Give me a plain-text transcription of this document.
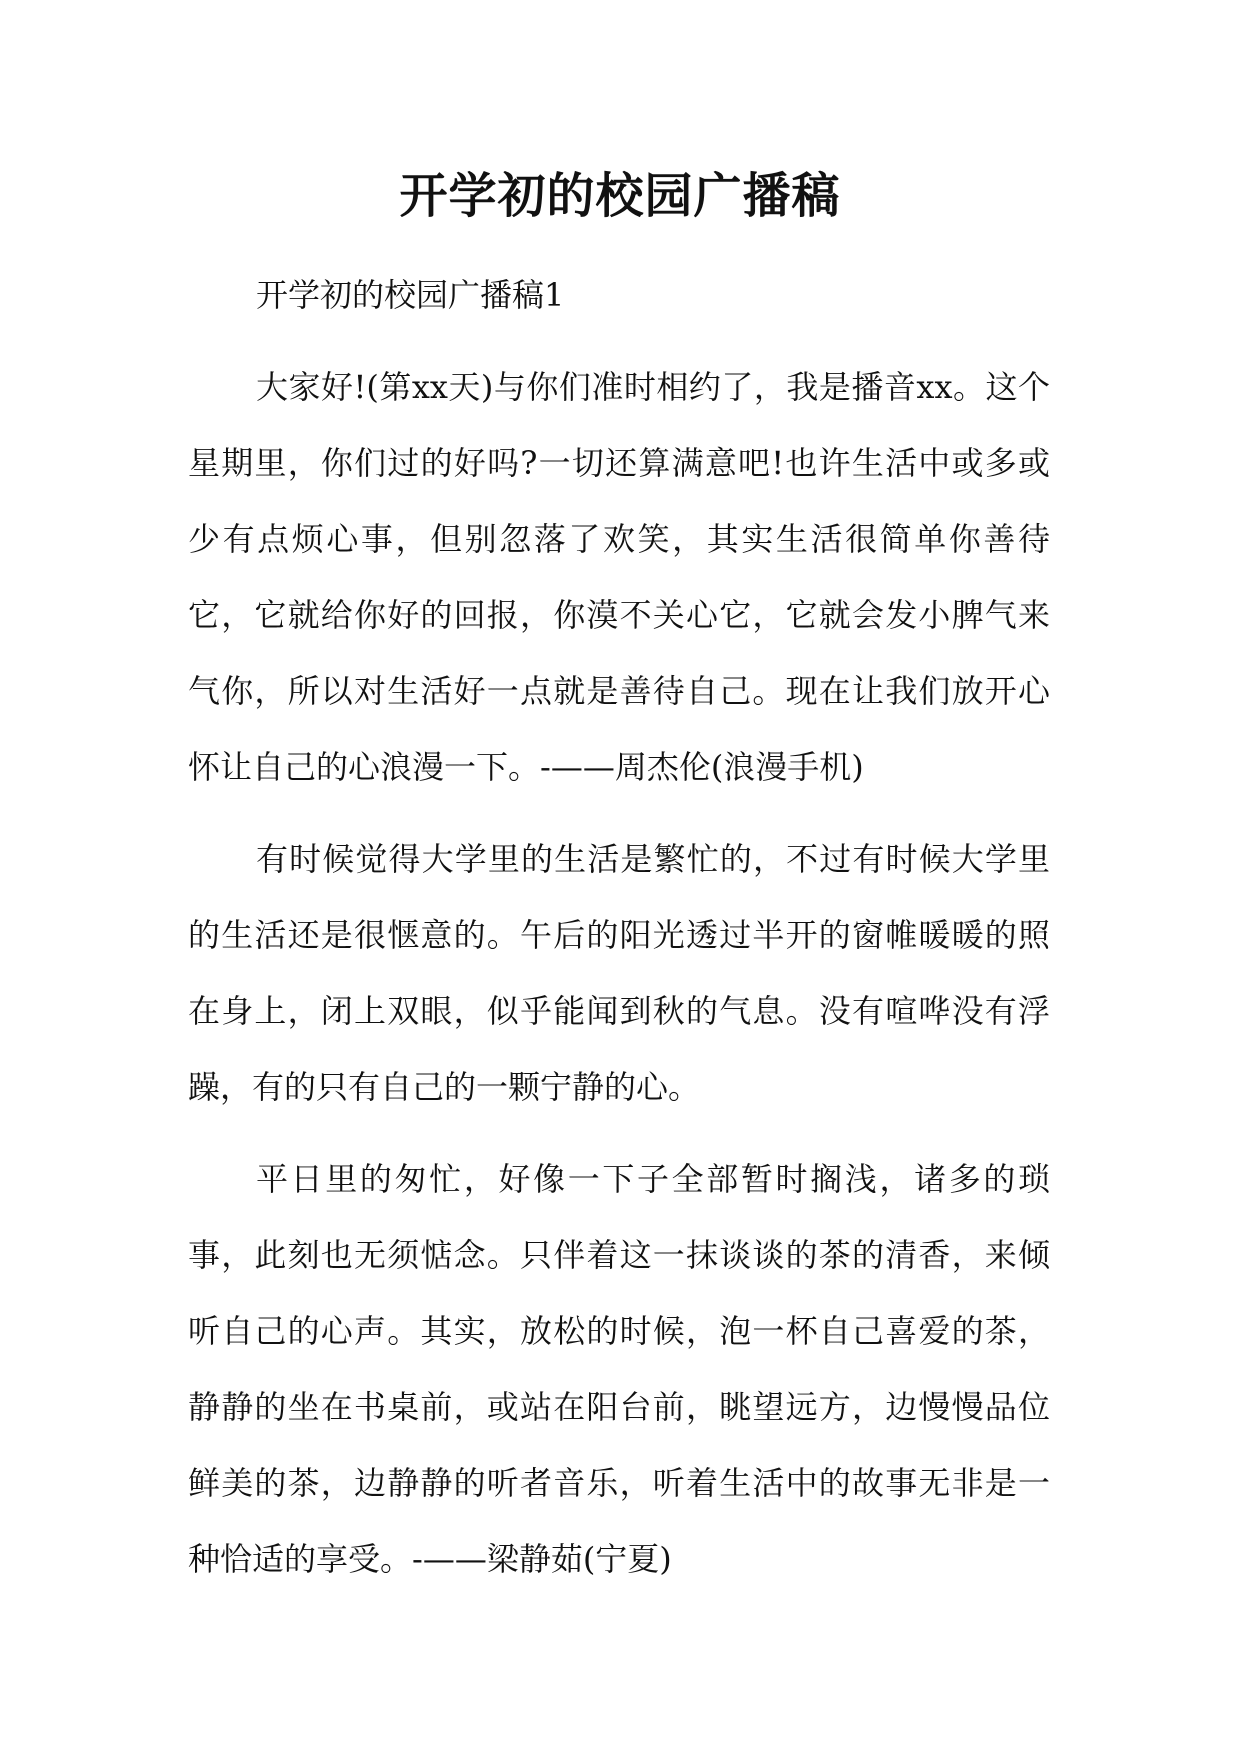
开学初的校园广播稿

开学初的校园广播稿1

大家好!(第xx天)与你们准时相约了，我是播音xx。这个星期里，你们过的好吗?一切还算满意吧!也许生活中或多或少有点烦心事，但别忽落了欢笑，其实生活很简单你善待它，它就给你好的回报，你漠不关心它，它就会发小脾气来气你，所以对生活好一点就是善待自己。现在让我们放开心怀让自己的心浪漫一下。-——周杰伦(浪漫手机)

有时候觉得大学里的生活是繁忙的，不过有时候大学里的生活还是很惬意的。午后的阳光透过半开的窗帷暖暖的照在身上，闭上双眼，似乎能闻到秋的气息。没有喧哗没有浮躁，有的只有自己的一颗宁静的心。

平日里的匆忙，好像一下子全部暂时搁浅，诸多的琐事，此刻也无须惦念。只伴着这一抹谈谈的茶的清香，来倾听自己的心声。其实，放松的时候，泡一杯自己喜爱的茶，静静的坐在书桌前，或站在阳台前，眺望远方，边慢慢品位鲜美的茶，边静静的听者音乐，听着生活中的故事无非是一种恰适的享受。-——梁静茹(宁夏)
